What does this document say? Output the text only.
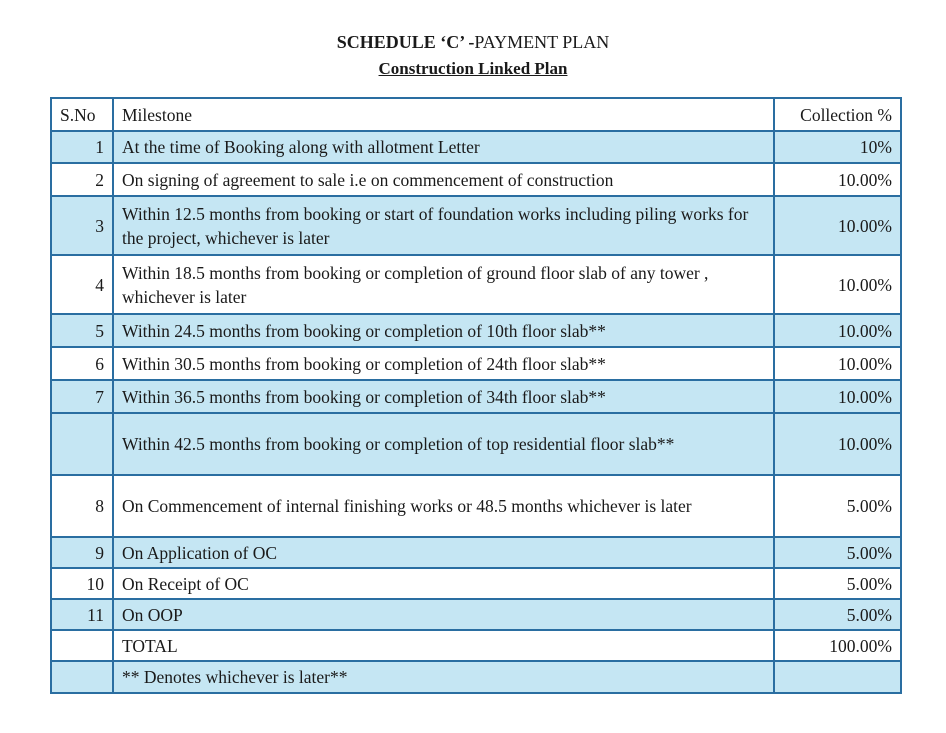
SCHEDULE ‘C’ -PAYMENT PLAN
Construction Linked Plan
S.No	Milestone	Collection %
1	At the time of Booking along with allotment Letter	10%
2	On signing of agreement to sale i.e on commencement of construction	10.00%
3	Within 12.5 months from booking or start of foundation works including piling works for the project, whichever is later	10.00%
4	Within 18.5 months from booking or completion of ground floor slab of any tower , whichever is later	10.00%
5	Within 24.5 months from booking or completion of 10th floor slab**	10.00%
6	Within 30.5 months from booking or completion of 24th floor slab**	10.00%
7	Within 36.5 months from booking or completion of 34th floor slab**	10.00%
	Within 42.5 months from booking or completion of top residential floor slab**	10.00%
8	On Commencement of internal finishing works or 48.5 months whichever is later	5.00%
9	On Application of OC	5.00%
10	On Receipt of OC	5.00%
11	On OOP	5.00%
	TOTAL	100.00%
	** Denotes whichever is later**	
